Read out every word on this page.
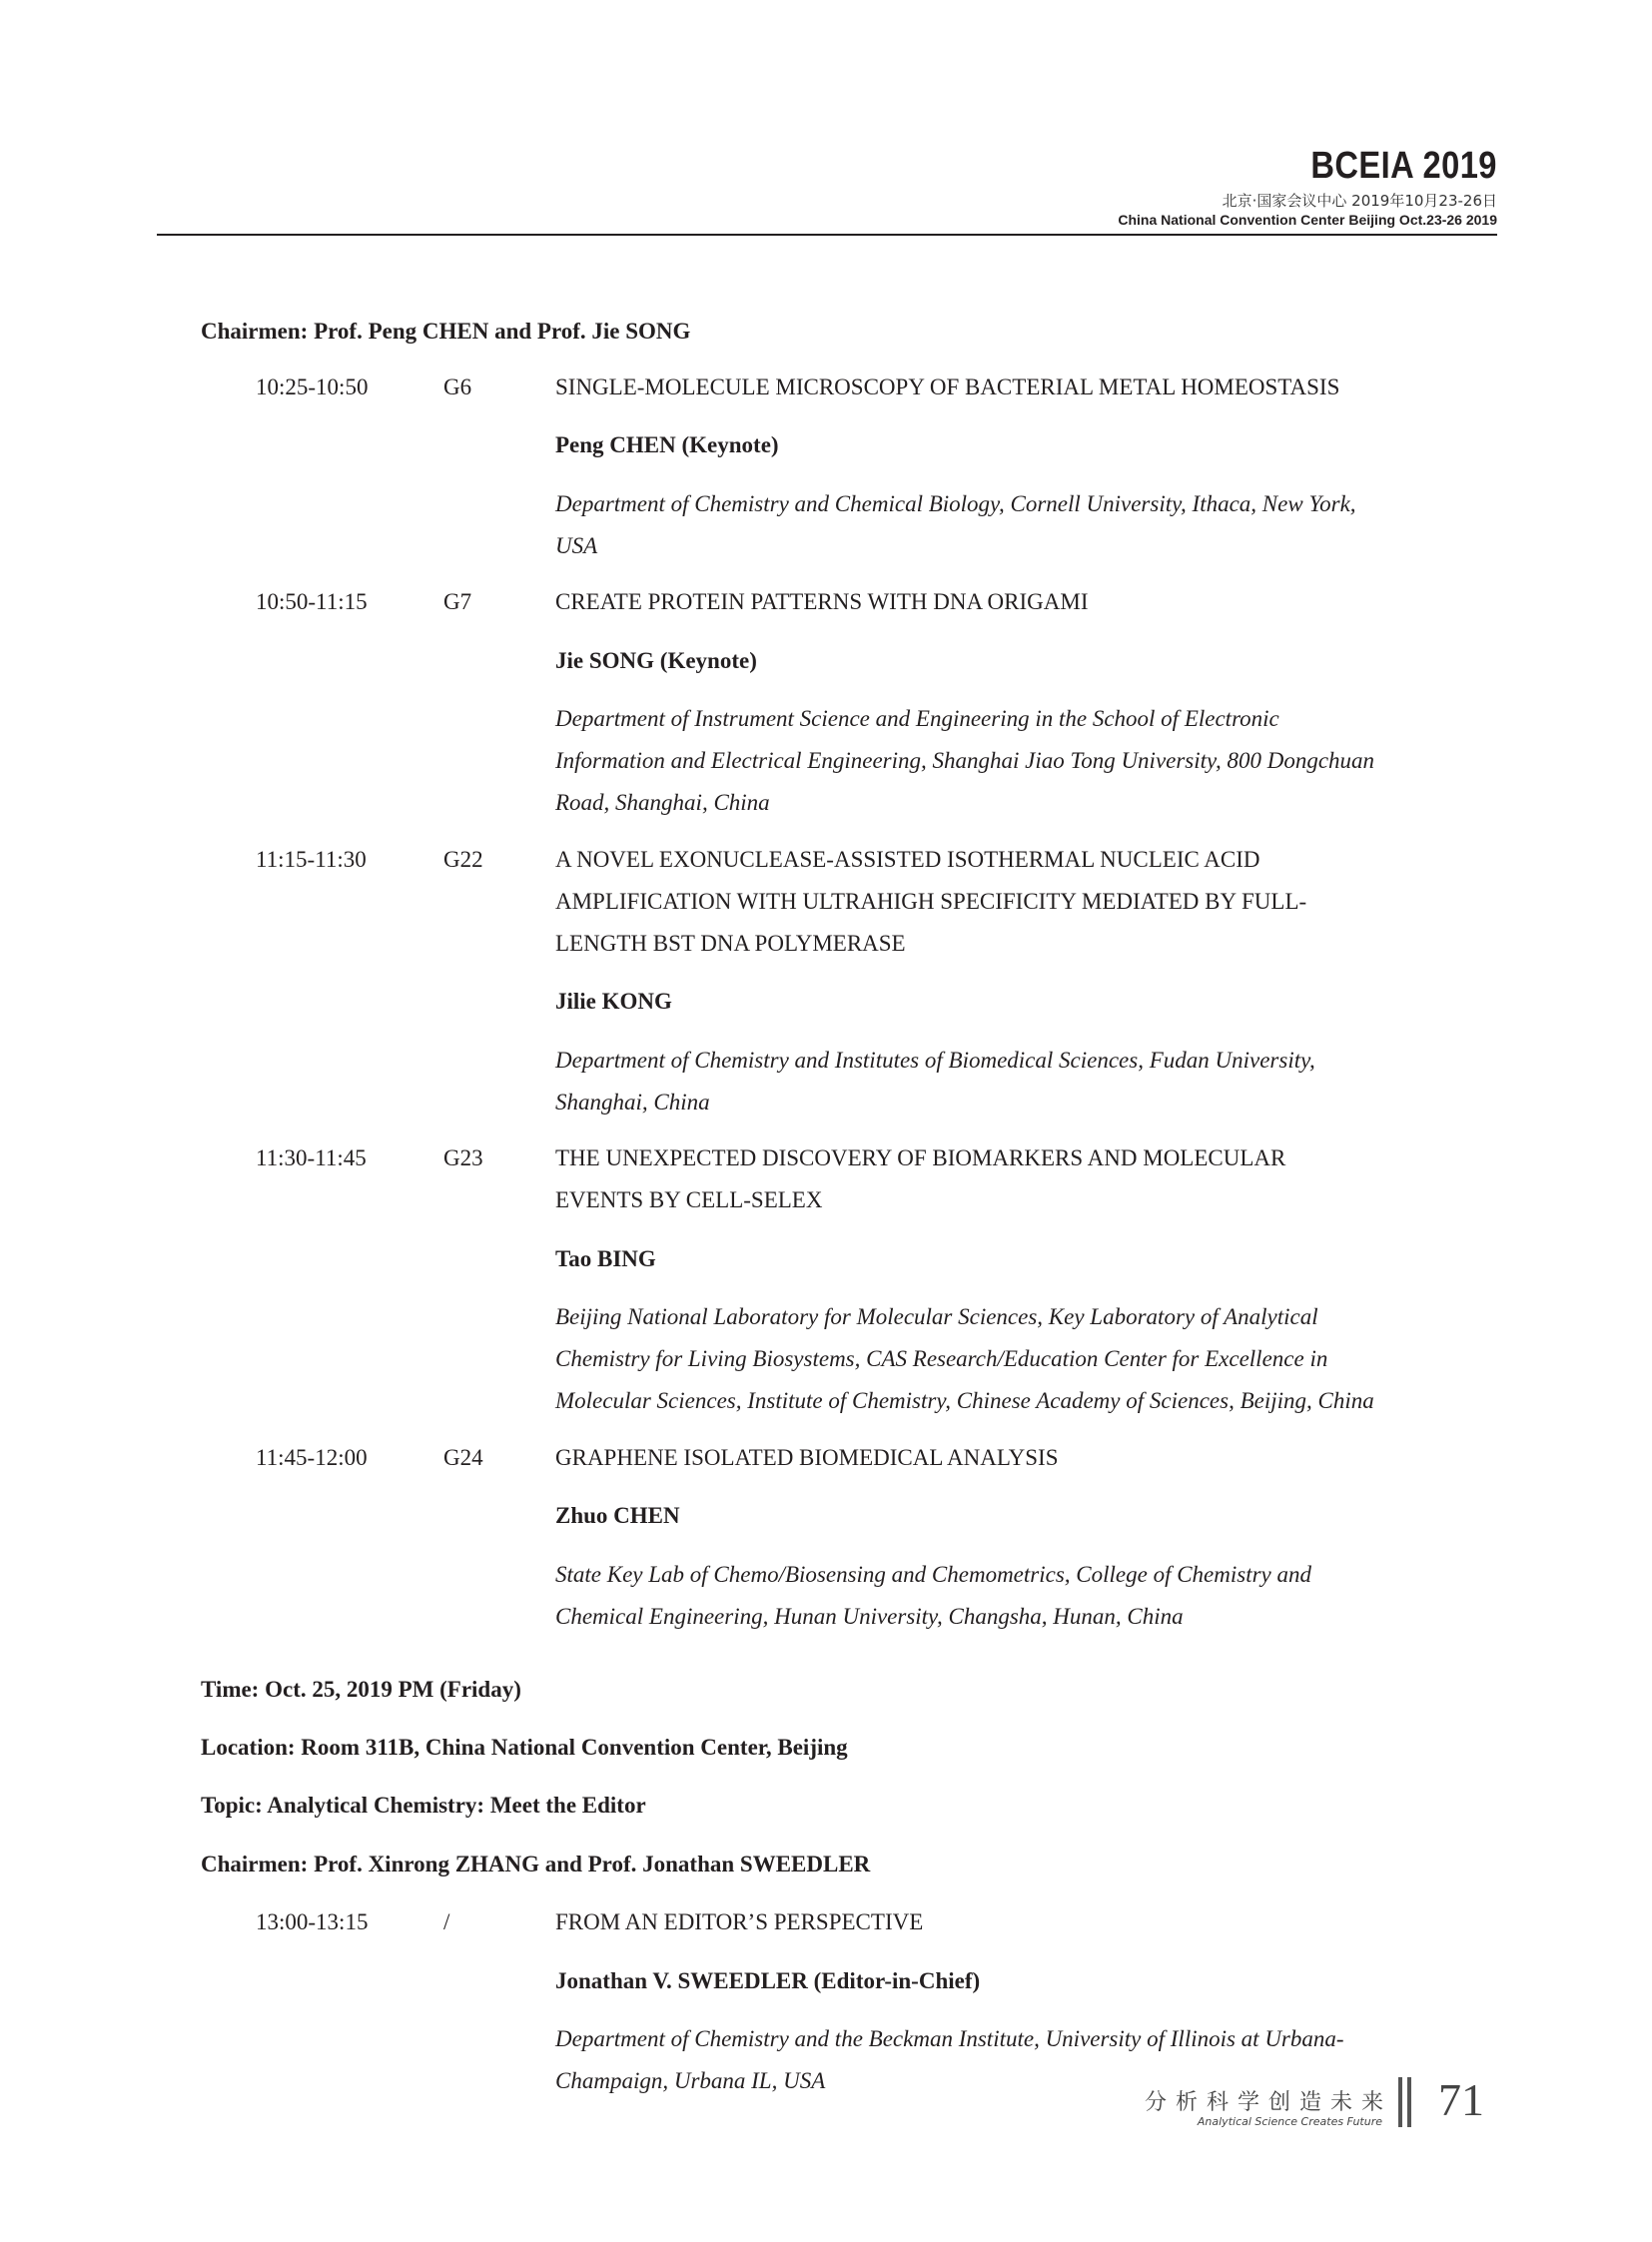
BCEIA 2019
北京·国家会议中心 2019年10月23-26日
China National Convention Center Beijing Oct.23-26 2019
Chairmen: Prof. Peng CHEN and Prof. Jie SONG
10:25-10:50	G6	SINGLE-MOLECULE MICROSCOPY OF BACTERIAL METAL HOMEOSTASIS
Peng CHEN (Keynote)
Department of Chemistry and Chemical Biology, Cornell University, Ithaca, New York,
USA
10:50-11:15	G7	CREATE PROTEIN PATTERNS WITH DNA ORIGAMI
Jie SONG (Keynote)
Department of Instrument Science and Engineering in the School of Electronic
Information and Electrical Engineering, Shanghai Jiao Tong University, 800 Dongchuan
Road, Shanghai, China
11:15-11:30	G22	A NOVEL EXONUCLEASE-ASSISTED ISOTHERMAL NUCLEIC ACID
AMPLIFICATION WITH ULTRAHIGH SPECIFICITY MEDIATED BY FULL-
LENGTH BST DNA POLYMERASE
Jilie KONG
Department of Chemistry and Institutes of Biomedical Sciences, Fudan University,
Shanghai, China
11:30-11:45	G23	THE UNEXPECTED DISCOVERY OF BIOMARKERS AND MOLECULAR
EVENTS BY CELL-SELEX
Tao BING
Beijing National Laboratory for Molecular Sciences, Key Laboratory of Analytical
Chemistry for Living Biosystems, CAS Research/Education Center for Excellence in
Molecular Sciences, Institute of Chemistry, Chinese Academy of Sciences, Beijing, China
11:45-12:00	G24	GRAPHENE ISOLATED BIOMEDICAL ANALYSIS
Zhuo CHEN
State Key Lab of Chemo/Biosensing and Chemometrics, College of Chemistry and
Chemical Engineering, Hunan University, Changsha, Hunan, China
Time: Oct. 25, 2019 PM (Friday)
Location: Room 311B, China National Convention Center, Beijing
Topic: Analytical Chemistry: Meet the Editor
Chairmen: Prof. Xinrong ZHANG and Prof. Jonathan SWEEDLER
13:00-13:15	/	FROM AN EDITOR’S PERSPECTIVE
Jonathan V. SWEEDLER (Editor-in-Chief)
Department of Chemistry and the Beckman Institute, University of Illinois at Urbana-
Champaign, Urbana IL, USA
分析科学创造未来
Analytical Science Creates Future 71
